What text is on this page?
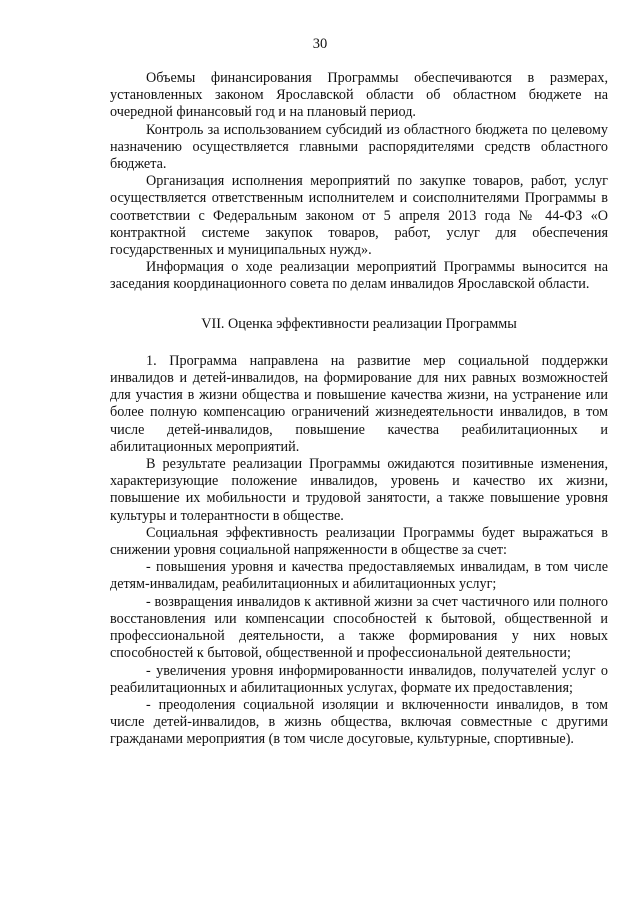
30

Объемы финансирования Программы обеспечиваются в размерах, установленных законом Ярославской области об областном бюджете на очередной финансовый год и на плановый период.

Контроль за использованием субсидий из областного бюджета по целевому назначению осуществляется главными распорядителями средств областного бюджета.

Организация исполнения мероприятий по закупке товаров, работ, услуг осуществляется ответственным исполнителем и соисполнителями Программы в соответствии с Федеральным законом от 5 апреля 2013 года № 44-ФЗ «О контрактной системе закупок товаров, работ, услуг для обеспечения государственных и муниципальных нужд».

Информация о ходе реализации мероприятий Программы выносится на заседания координационного совета по делам инвалидов Ярославской области.

VII. Оценка эффективности реализации Программы

1. Программа направлена на развитие мер социальной поддержки инвалидов и детей-инвалидов, на формирование для них равных возможностей для участия в жизни общества и повышение качества жизни, на устранение или более полную компенсацию ограничений жизнедеятельности инвалидов, в том числе детей-инвалидов, повышение качества реабилитационных и абилитационных мероприятий.

В результате реализации Программы ожидаются позитивные изменения, характеризующие положение инвалидов, уровень и качество их жизни, повышение их мобильности и трудовой занятости, а также повышение уровня культуры и толерантности в обществе.

Социальная эффективность реализации Программы будет выражаться в снижении уровня социальной напряженности в обществе за счет:

- повышения уровня и качества предоставляемых инвалидам, в том числе детям-инвалидам, реабилитационных и абилитационных услуг;

- возвращения инвалидов к активной жизни за счет частичного или полного восстановления или компенсации способностей к бытовой, общественной и профессиональной деятельности, а также формирования у них новых способностей к бытовой, общественной и профессиональной деятельности;

- увеличения уровня информированности инвалидов, получателей услуг о реабилитационных и абилитационных услугах, формате их предоставления;

- преодоления социальной изоляции и включенности инвалидов, в том числе детей-инвалидов, в жизнь общества, включая совместные с другими гражданами мероприятия (в том числе досуговые, культурные, спортивные).
